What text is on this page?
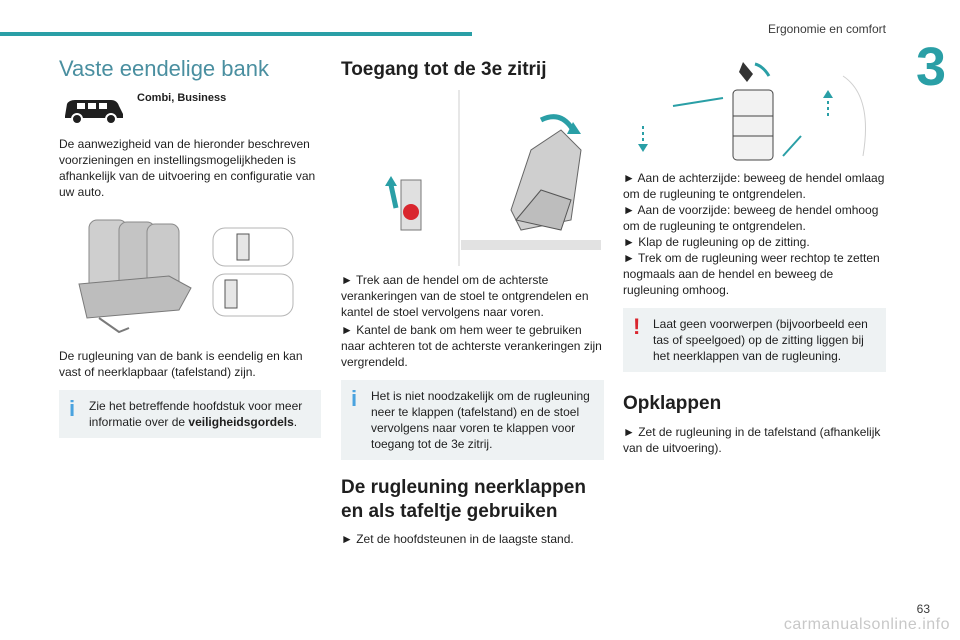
Ergonomie en comfort
3
Vaste eendelige bank
Combi, Business

De aanwezigheid van de hieronder beschreven voorzieningen en instellingsmogelijkheden is afhankelijk van de uitvoering en configuratie van uw auto.

De rugleuning van de bank is eendelig en kan vast of neerklapbaar (tafelstand) zijn.

i	Zie het betreffende hoofdstuk voor meer informatie over de veiligheidsgordels.
Toegang tot de 3e zitrij

► Trek aan de hendel om de achterste verankeringen van de stoel te ontgrendelen en kantel de stoel vervolgens naar voren.

► Kantel de bank om hem weer te gebruiken naar achteren tot de achterste verankeringen zijn vergrendeld.

i	Het is niet noodzakelijk om de rugleuning neer te klappen (tafelstand) en de stoel vervolgens naar voren te klappen voor toegang tot de 3e zitrij.
De rugleuning neerklappen en als tafeltje gebruiken

► Zet de hoofdsteunen in de laagste stand.

► Aan de achterzijde: beweeg de hendel omlaag om de rugleuning te ontgrendelen.

► Aan de voorzijde: beweeg de hendel omhoog om de rugleuning te ontgrendelen.

► Klap de rugleuning op de zitting.

► Trek om de rugleuning weer rechtop te zetten nogmaals aan de hendel en beweeg de rugleuning omhoog.

! Laat geen voorwerpen (bijvoorbeeld een tas of speelgoed) op de zitting liggen bij het neerklappen van de rugleuning.
Opklappen

► Zet de rugleuning in de tafelstand (afhankelijk van de uitvoering).

63
carmanualsonline.info
